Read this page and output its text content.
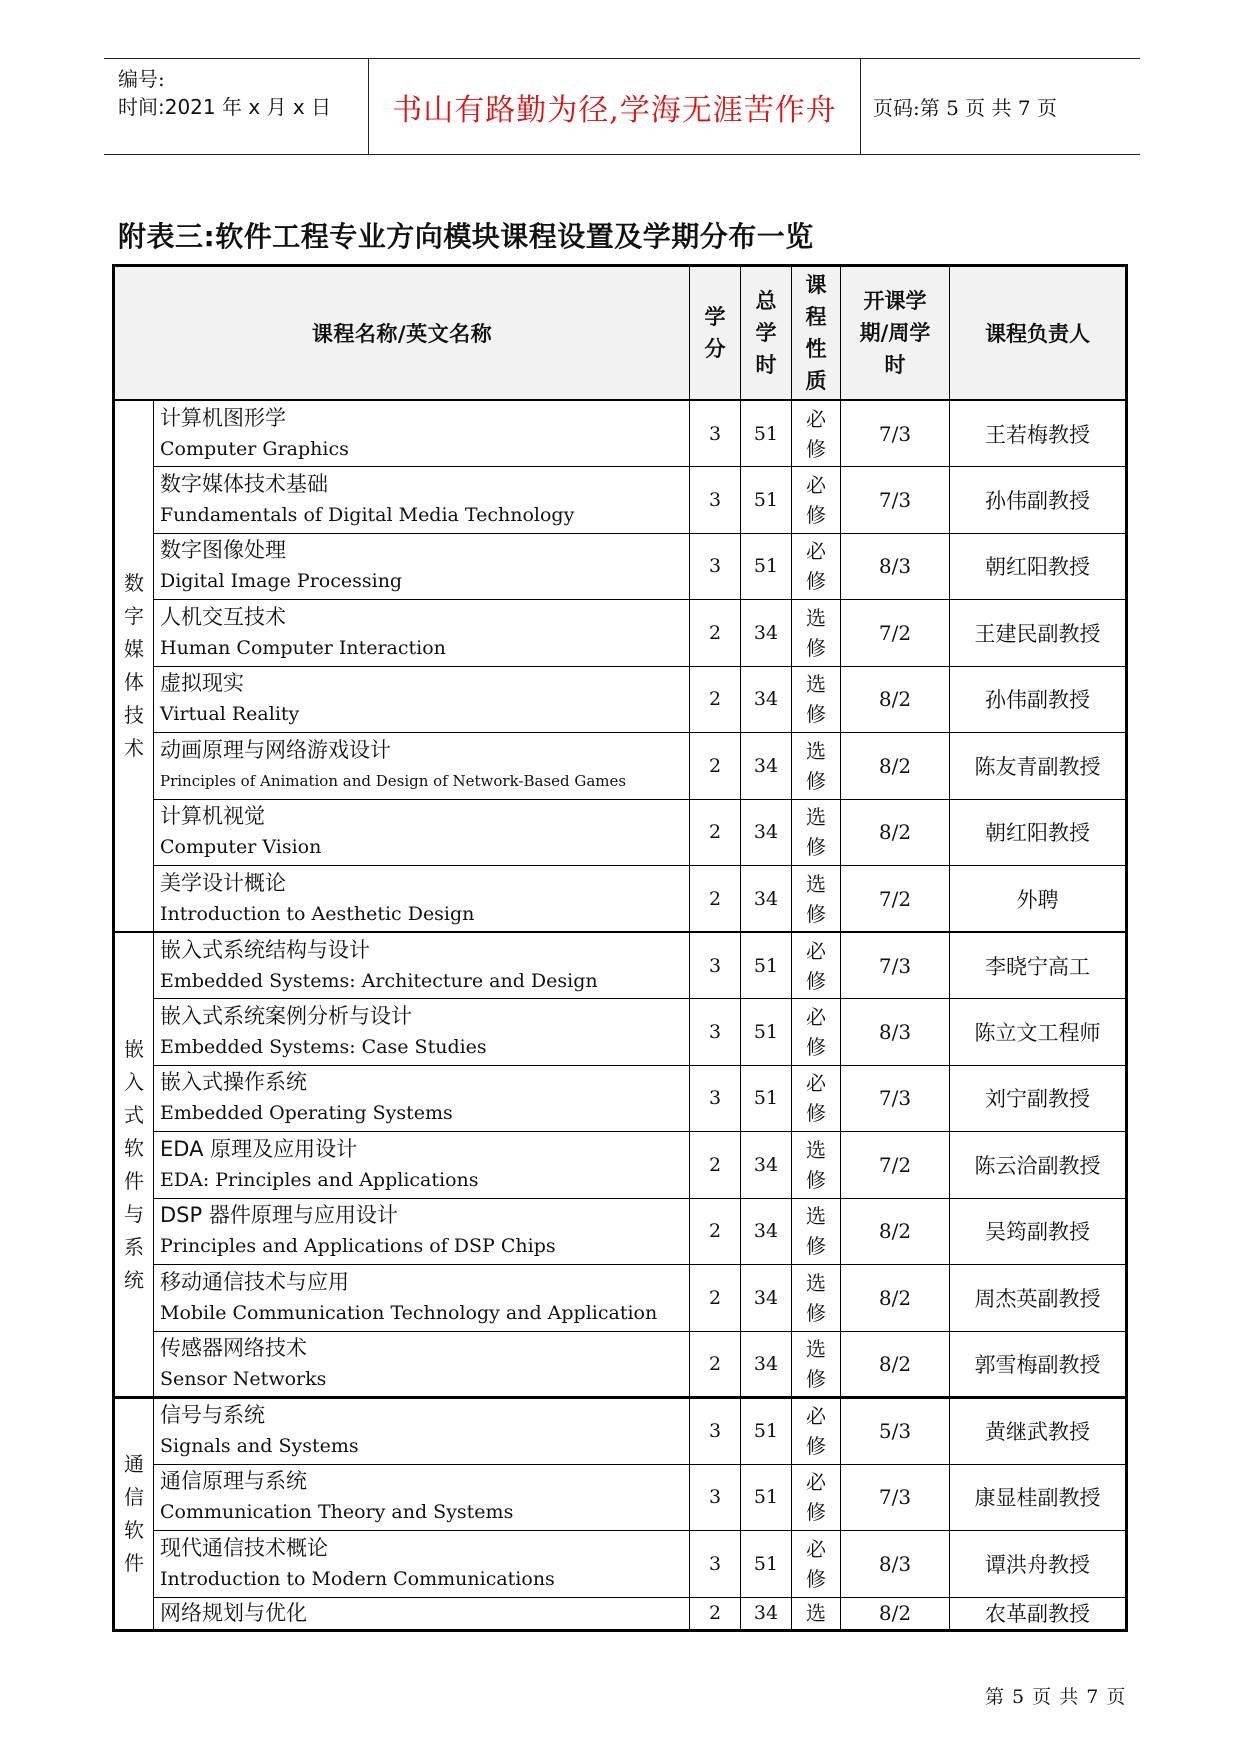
编号:
时间:2021 年 x 月 x 日 书山有路勤为径,学海无涯苦作舟 页码:第 5 页 共 7 页
附表三:软件工程专业方向模块课程设置及学期分布一览
课程名称/英文名称		学分	总学时	课程性质	开课学期/周学时	课程负责人

数字媒体技术	计算机图形学
Computer Graphics	3	51	必修	7/3	王若梅教授

	数字媒体技术基础
Fundamentals of Digital Media Technology	3	51	必修	7/3	孙伟副教授

	数字图像处理
Digital Image Processing	3	51	必修	8/3	朝红阳教授

	人机交互技术
Human Computer Interaction	2	34	选修	7/2	王建民副教授

	虚拟现实
Virtual Reality	2	34	选修	8/2	孙伟副教授

	动画原理与网络游戏设计
Principles of Animation and Design of Network-Based Games	2	34	选修	8/2	陈友青副教授

	计算机视觉
Computer Vision	2	34	选修	8/2	朝红阳教授

	美学设计概论
Introduction to Aesthetic Design	2	34	选修	7/2	外聘

嵌入式软件与系统	嵌入式系统结构与设计
Embedded Systems: Architecture and Design	3	51	必修	7/3	李晓宁高工

	嵌入式系统案例分析与设计
Embedded Systems: Case Studies	3	51	必修	8/3	陈立文工程师

	嵌入式操作系统
Embedded Operating Systems	3	51	必修	7/3	刘宁副教授

	EDA 原理及应用设计
EDA: Principles and Applications	2	34	选修	7/2	陈云洽副教授

	DSP 器件原理与应用设计
Principles and Applications of DSP Chips	2	34	选修	8/2	吴筠副教授

	移动通信技术与应用
Mobile Communication Technology and Application	2	34	选修	8/2	周杰英副教授

	传感器网络技术
Sensor Networks	2	34	选修	8/2	郭雪梅副教授

通信软件	信号与系统
Signals and Systems	3	51	必修	5/3	黄继武教授

	通信原理与系统
Communication Theory and Systems	3	51	必修	7/3	康显桂副教授

	现代通信技术概论
Introduction to Modern Communications	3	51	必修	8/3	谭洪舟教授

	网络规划与优化	2	34	选	8/2	农革副教授
第 5 页 共 7 页
